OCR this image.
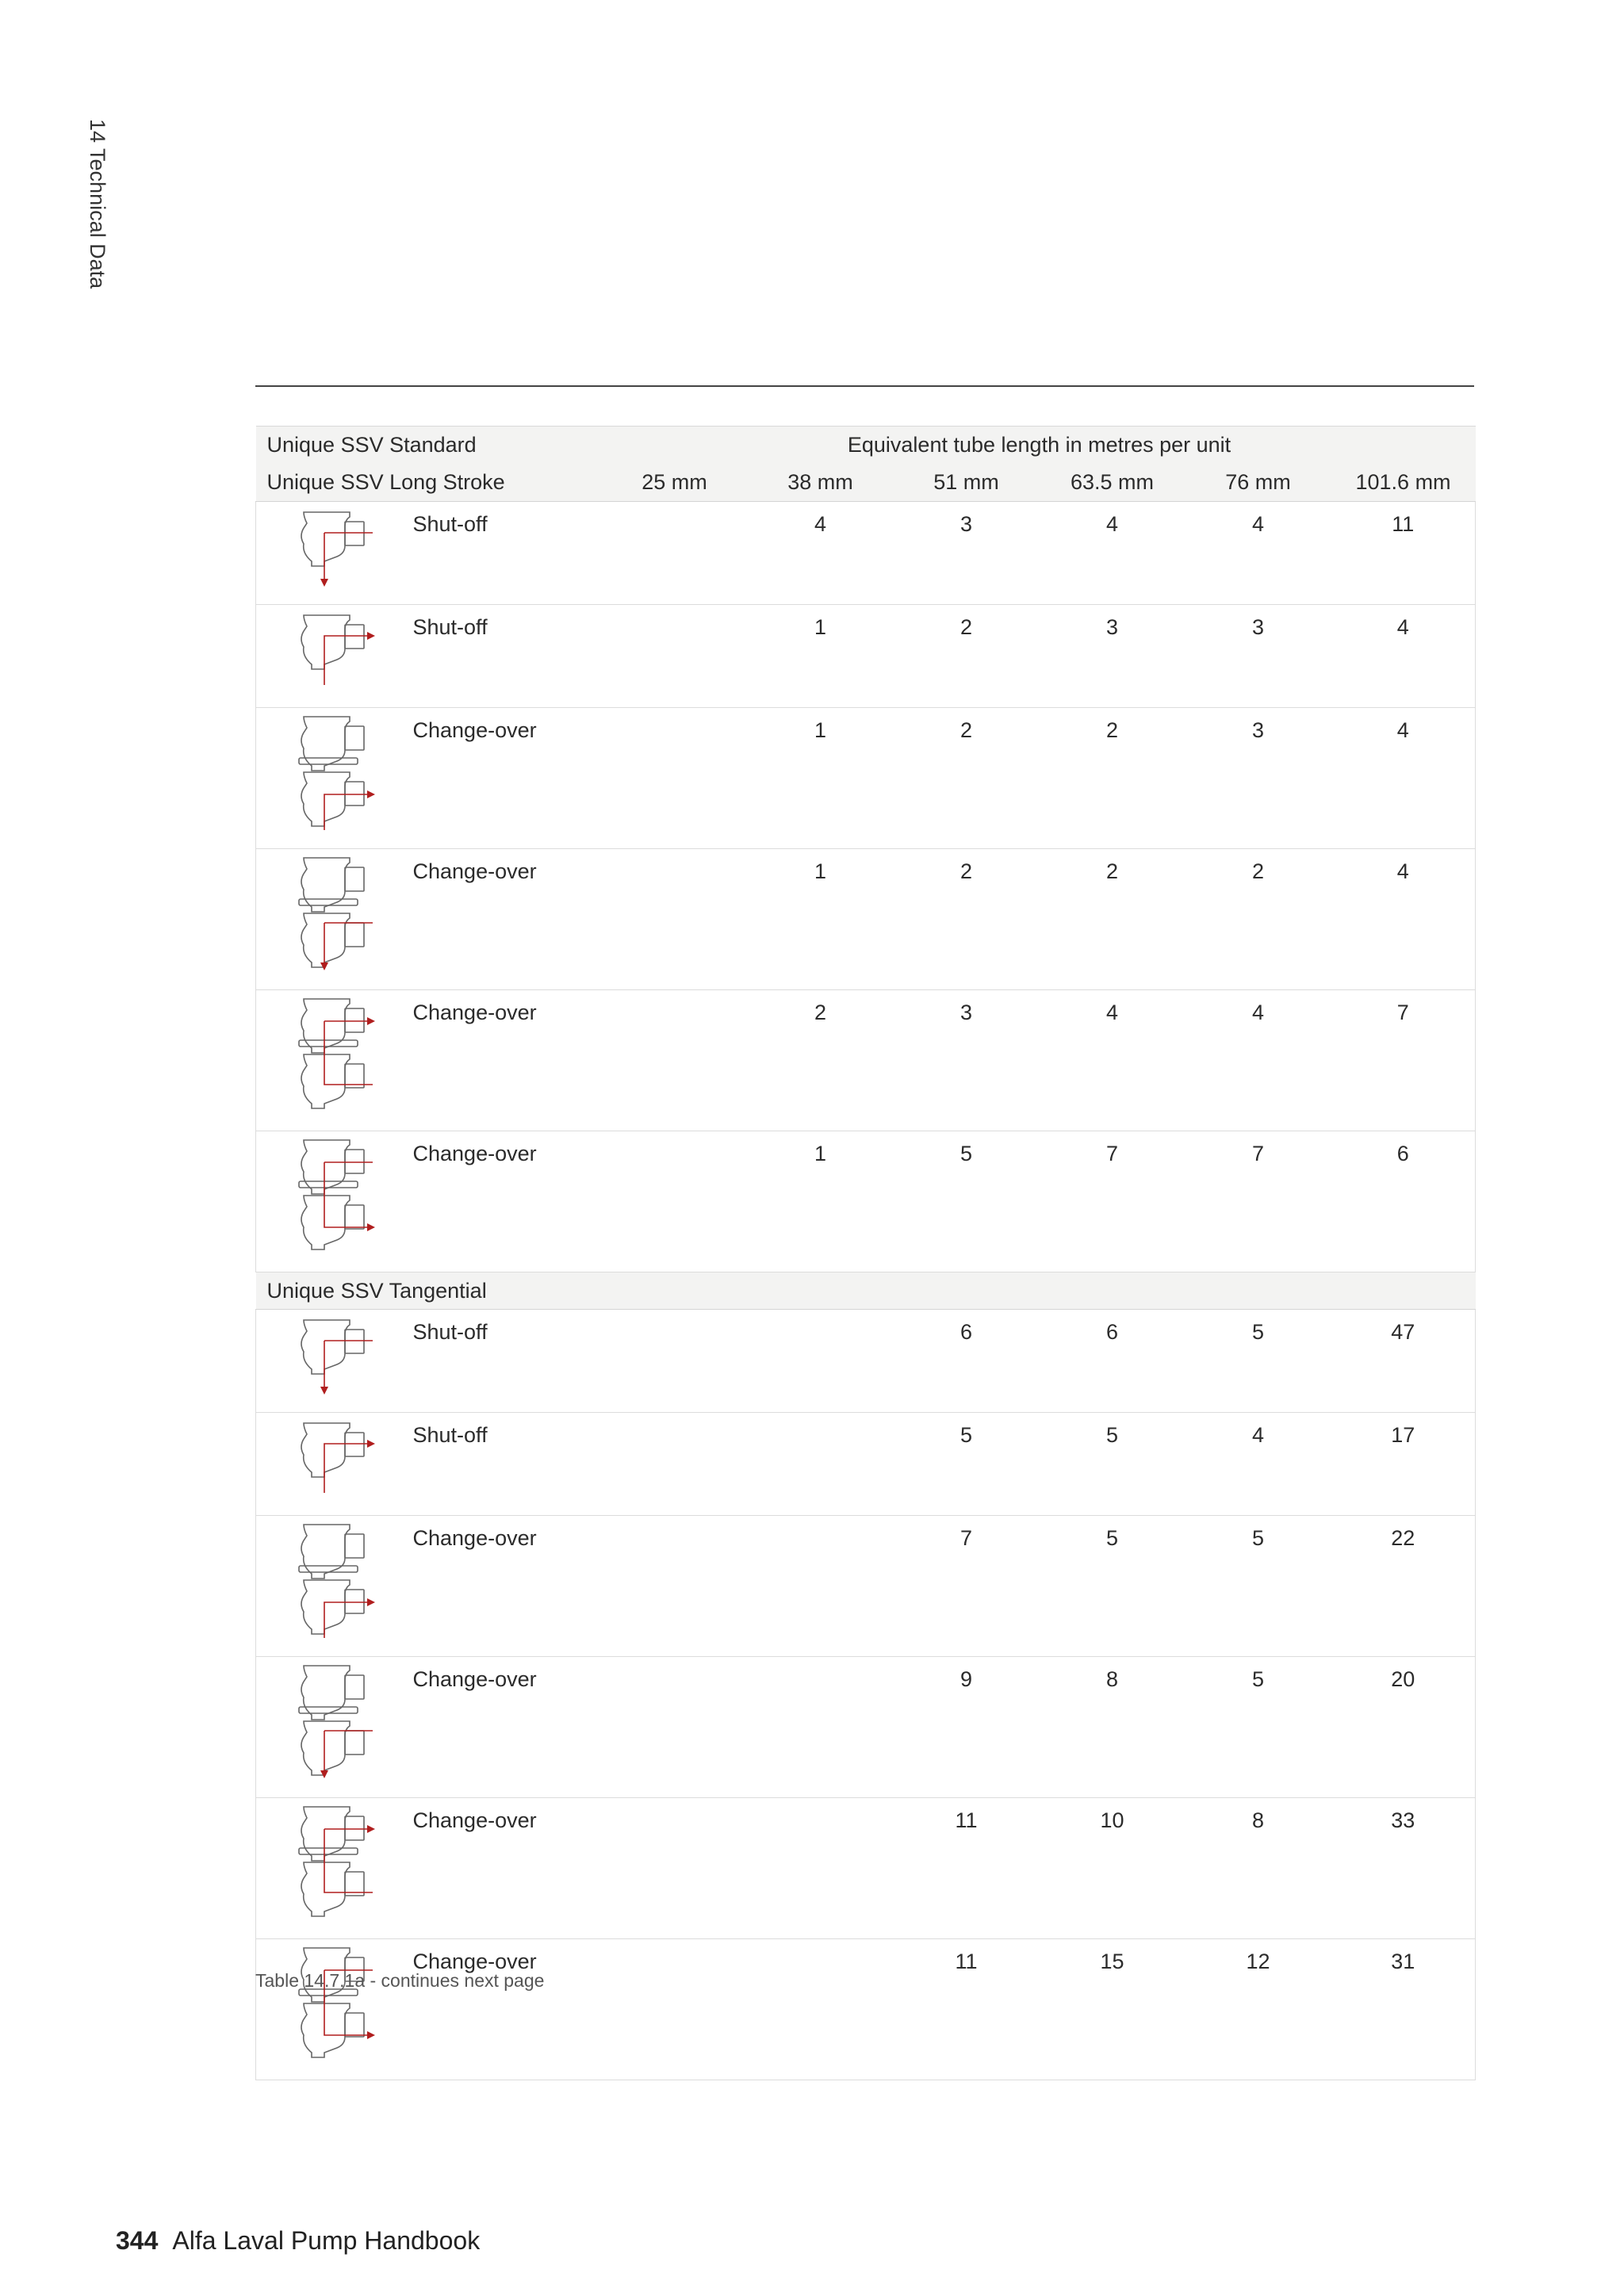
14 Technical Data
Unique SSV Standard			Equivalent tube length in metres per unit				
Unique SSV Long Stroke		25 mm	38 mm	51 mm	63.5 mm	76 mm	101.6 mm

	Shut-off		4	3	4	4	11

	Shut-off		1	2	3	3	4

	Change-over		1	2	2	3	4

	Change-over		1	2	2	2	4

	Change-over		2	3	4	4	7

	Change-over		1	5	7	7	6
Unique SSV Tangential							

	Shut-off			6	6	5	47

	Shut-off			5	5	4	17

	Change-over			7	5	5	22

	Change-over			9	8	5	20

	Change-over			11	10	8	33

	Change-over			11	15	12	31
Table 14.7.1a - continues next page
344 Alfa Laval Pump Handbook
